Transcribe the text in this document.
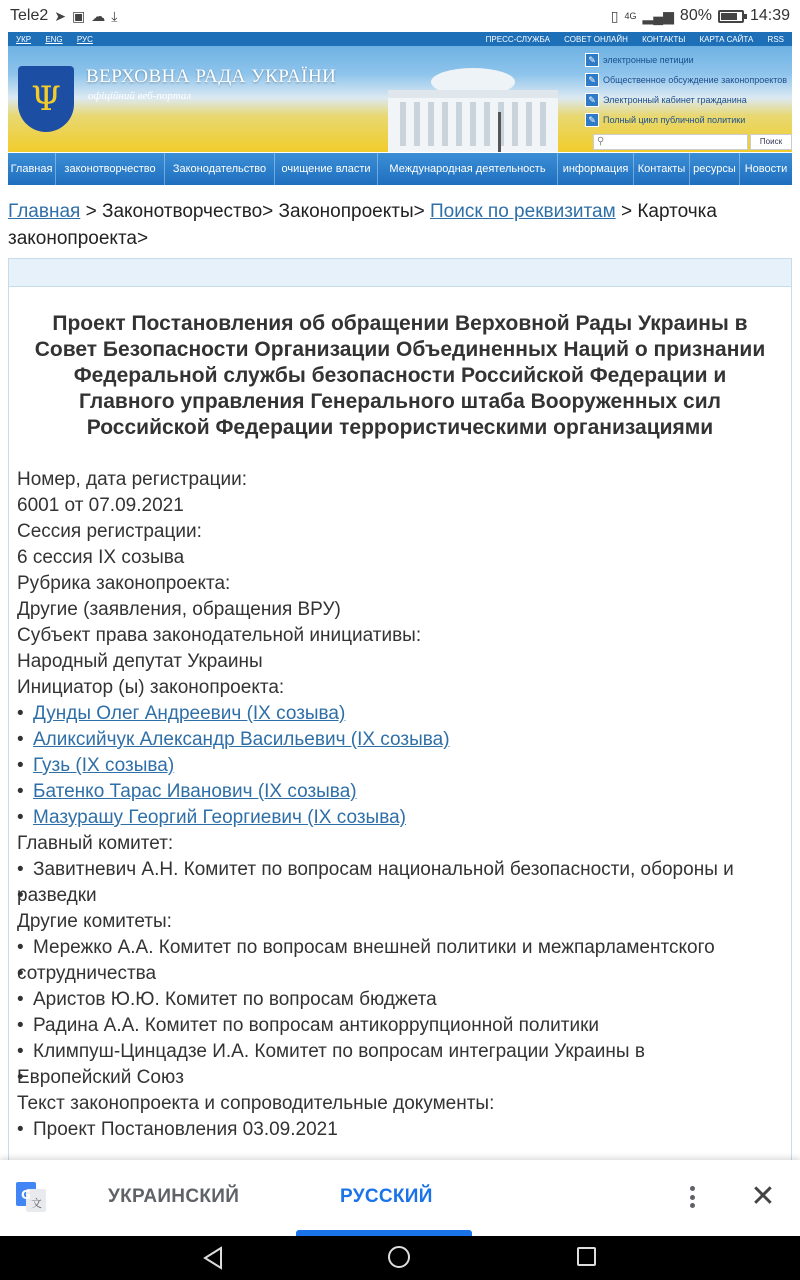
Tele2 ➤ ▣ ☁ ⤓	▯ 4G ▂▄▆ 80% 14:39
УКР ENG РУС	ПРЕСС-СЛУЖБА СОВЕТ ОНЛАЙН КОНТАКТЫ КАРТА САЙТА RSS
Ψ
ВЕРХОВНА РАДА УКРАЇНИ
офіційний веб-портал
✎ электронные петиции
✎ Общественное обсуждение законопроектов
✎ Электронный кабинет гражданина
✎ Полный цикл публичной политики
⚲
Поиск
Главная	законотворчество	Законодательство	очищение власти	Международная деятельность	информация Контакты ресурсы Новости
Главная > Законотворчество> Законопроекты> Поиск по реквизитам > Карточка законопроекта>
Проект Постановления об обращении Верховной Рады Украины в Совет Безопасности Организации Объединенных Наций о признании Федеральной службы безопасности Российской Федерации и Главного управления Генерального штаба Вооруженных сил Российской Федерации террористическими организациями
Номер, дата регистрации:
6001 от 07.09.2021
Сессия регистрации:
6 сессия IX созыва
Рубрика законопроекта:
Другие (заявления, обращения ВРУ)
Субъект права законодательной инициативы:
Народный депутат Украины
Инициатор (ы) законопроекта:
• Дунды Олег Андреевич (IX созыва)
• Аликсийчук Александр Васильевич (IX созыва)
• Гузь (IX созыва)
• Батенко Тарас Иванович (IX созыва)
• Мазурашу Георгий Георгиевич (IX созыва)
Главный комитет:
• Завитневич А.Н. Комитет по вопросам национальной безопасности, обороны и
• разведки
Другие комитеты:
• Мережко А.А. Комитет по вопросам внешней политики и межпарламентского
• сотрудничества
• Аристов Ю.Ю. Комитет по вопросам бюджета
• Радина А.А. Комитет по вопросам антикоррупционной политики
• Климпуш-Цинцадзе И.А. Комитет по вопросам интеграции Украины в
• Европейский Союз
Текст законопроекта и сопроводительные документы:
• Проект Постановления 03.09.2021
G
文	УКРАИНСКИЙ	РУССКИЙ	✕
